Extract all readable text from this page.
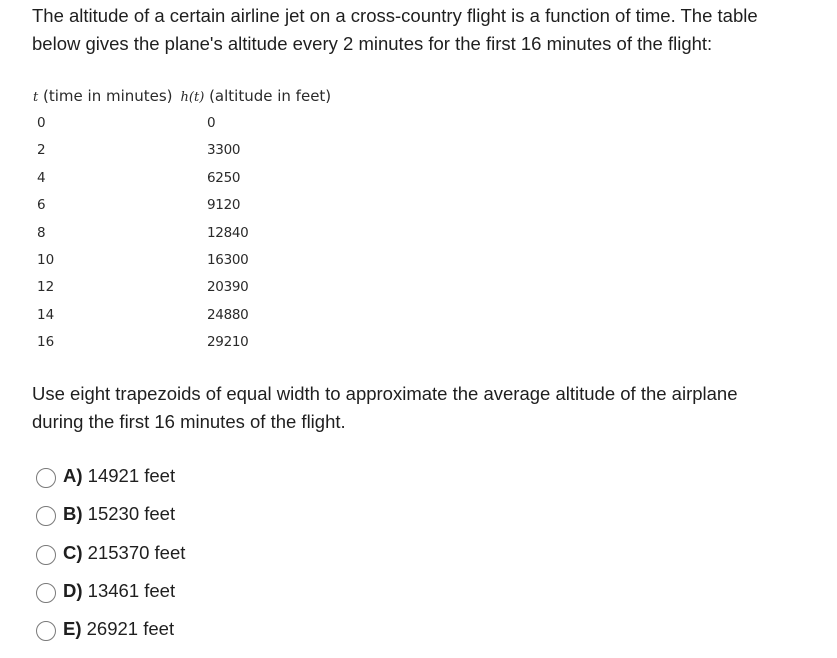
The altitude of a certain airline jet on a cross-country flight is a function of time. The table below gives the plane's altitude every 2 minutes for the first 16 minutes of the flight:

t (time in minutes) h(t) (altitude in feet)
0	0
2	3300
4	6250
6	9120
8	12840
10	16300
12	20390
14	24880
16	29210

Use eight trapezoids of equal width to approximate the average altitude of the airplane during the first 16 minutes of the flight.

A) 14921 feet
B) 15230 feet
C) 215370 feet
D) 13461 feet
E) 26921 feet
